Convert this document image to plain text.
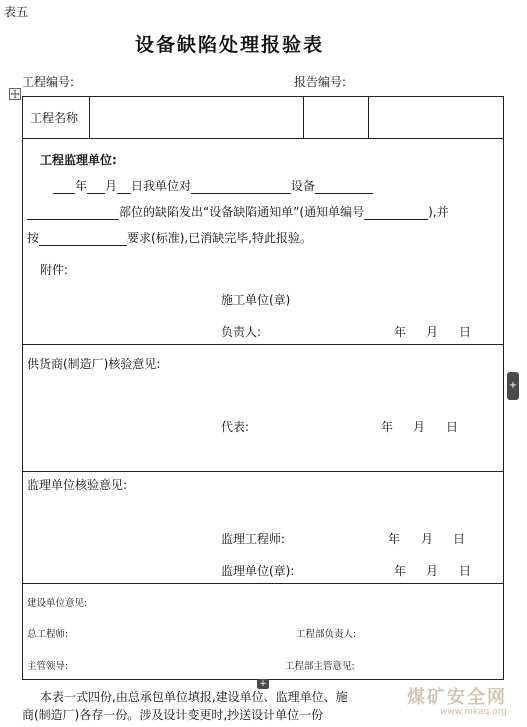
表五
设备缺陷处理报验表
工程编号:	报告编号:
工程名称
工程监理单位:
年 月 日我单位对	设备
部位的缺陷发出“设备缺陷通知单”(通知单编号	),并
按	要求(标准),已消缺完毕,特此报验。
附件:
施工单位(章)
负责人:	年 月 日
供货商(制造厂)核验意见:
代表:	年 月 日
监理单位核验意见:
监理工程师:	年 月 日
监理单位(章):	年 月 日
建设单位意见:
总工程师:	工程部负责人:
主管领导:	工程部主管意见:
+
+
本表一式四份,由总承包单位填报,建设单位、监理单位、施
商(制造厂)各存一份。涉及设计变更时,抄送设计单位一份
煤矿安全网
www.mkaq.org
